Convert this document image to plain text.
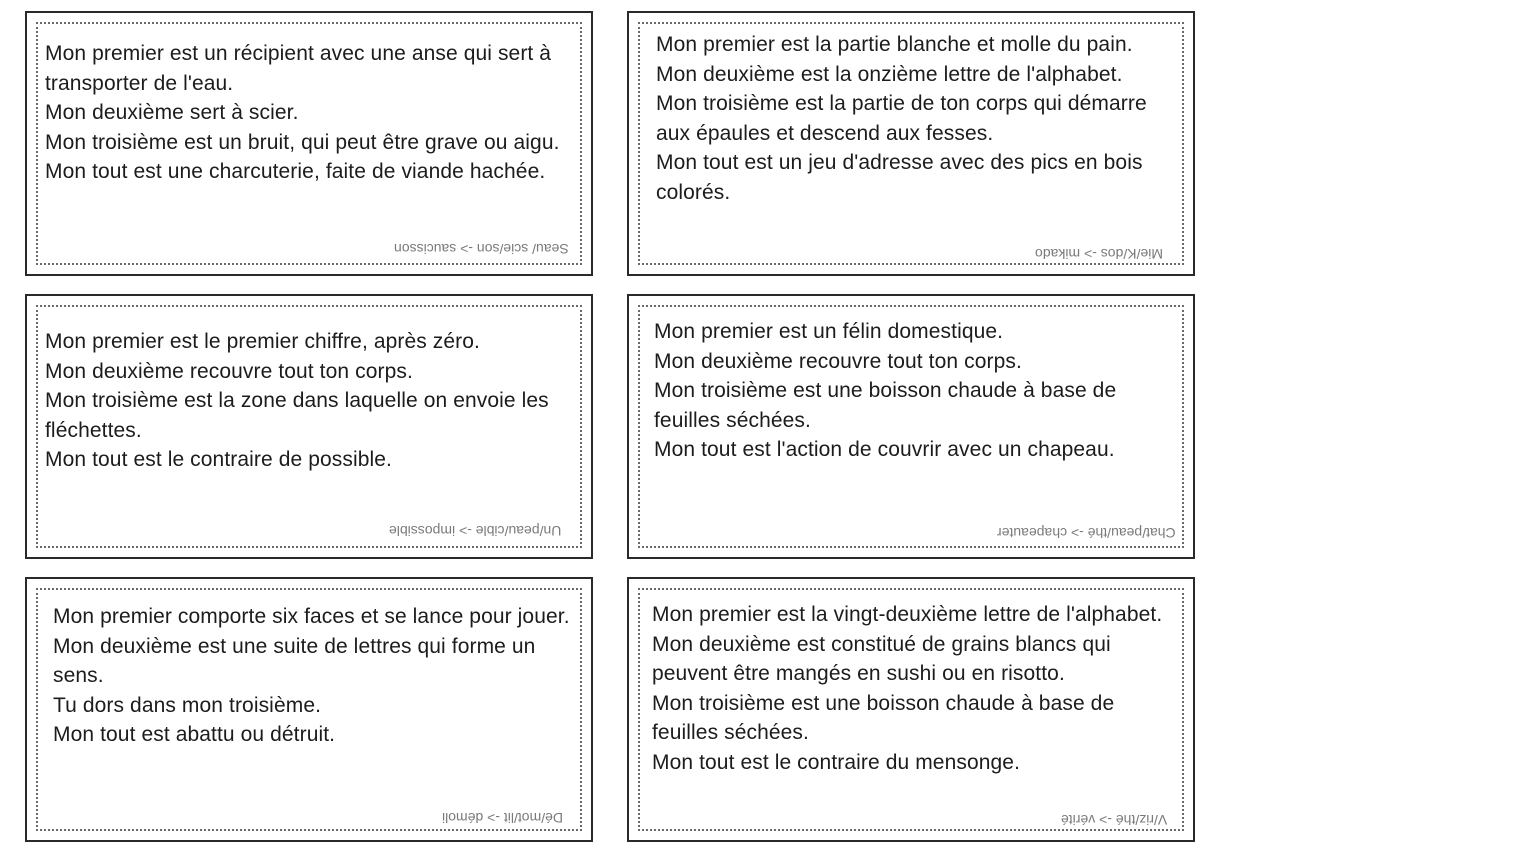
Mon premier est un récipient avec une anse qui sert à transporter de l'eau.
Mon deuxième sert à scier.
Mon troisième est un bruit, qui peut être grave ou aigu.
Mon tout est une charcuterie, faite de viande hachée.

Seau/ scie/son -> saucisson

Mon premier est la partie blanche et molle du pain.
Mon deuxième est la onzième lettre de l'alphabet.
Mon troisième est la partie de ton corps qui démarre aux épaules et descend aux fesses.
Mon tout est un jeu d'adresse avec des pics en bois colorés.

Mie/K/dos -> mikado

Mon premier est le premier chiffre, après zéro.
Mon deuxième recouvre tout ton corps.
Mon troisième est la zone dans laquelle on envoie les fléchettes.
Mon tout est le contraire de possible.

Un/peau/cible -> impossible

Mon premier est un félin domestique.
Mon deuxième recouvre tout ton corps.
Mon troisième est une boisson chaude à base de feuilles séchées.
Mon tout est l'action de couvrir avec un chapeau.

Chat/peau/thé -> chapeauter

Mon premier comporte six faces et se lance pour jouer.
Mon deuxième est une suite de lettres qui forme un sens.
Tu dors dans mon troisième.
Mon tout est abattu ou détruit.

Dé/mot/lit -> démoli

Mon premier est la vingt-deuxième lettre de l'alphabet.
Mon deuxième est constitué de grains blancs qui peuvent être mangés en sushi ou en risotto.
Mon troisième est une boisson chaude à base de feuilles séchées.
Mon tout est le contraire du mensonge.

V/riz/thé -> vérité
